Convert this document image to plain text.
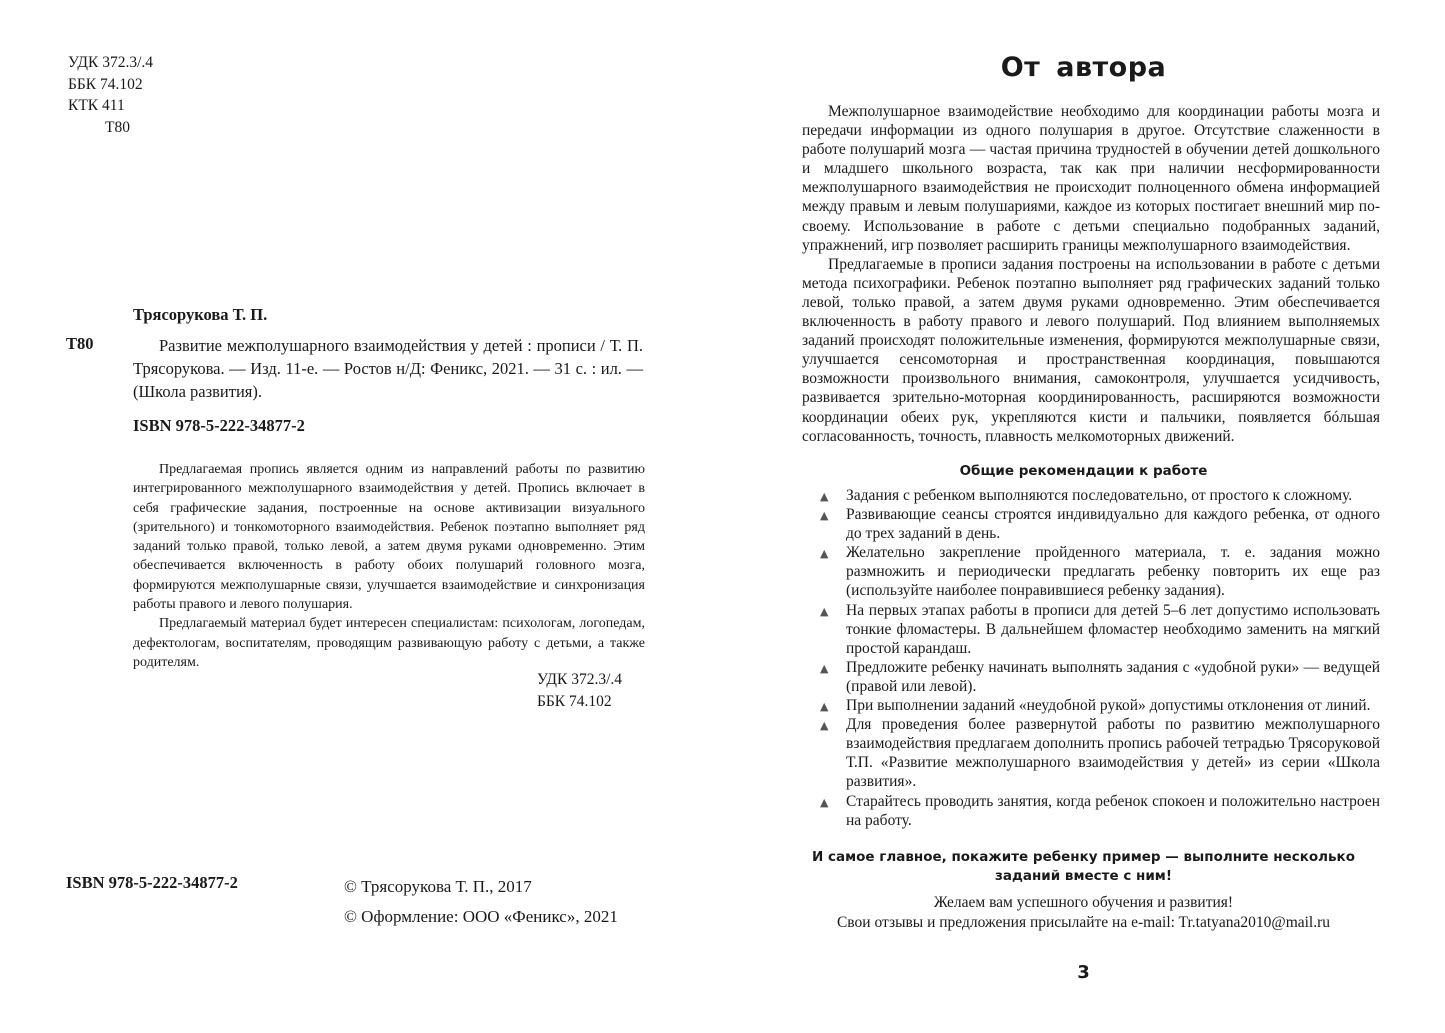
УДК 372.3/.4
ББК 74.102
КТК 411
Т80
Трясорукова Т. П.
Т80	Развитие межполушарного взаимодействия у детей : прописи / Т. П. Трясорукова. — Изд. 11-е. — Ростов н/Д: Феникс, 2021. — 31 с. : ил. — (Школа развития).

ISBN 978-5-222-34877-2

Предлагаемая пропись является одним из направлений работы по развитию интегрированного межполушарного взаимодействия у детей. Пропись включает в себя графические задания, построенные на основе активизации визуального (зрительного) и тонкомоторного взаимодействия. Ребенок поэтапно выполняет ряд заданий только правой, только левой, а затем двумя руками одновременно. Этим обеспечивается включенность в работу обоих полушарий головного мозга, формируются межполушарные связи, улучшается взаимодействие и синхронизация работы правого и левого полушария.

Предлагаемый материал будет интересен специалистам: психологам, логопедам, дефектологам, воспитателям, проводящим развивающую работу с детьми, а также родителям.

УДК 372.3/.4
ББК 74.102
ISBN 978-5-222-34877-2	© Трясорукова Т. П., 2017
© Оформление: ООО «Феникс», 2021
От автора

Межполушарное взаимодействие необходимо для координации работы мозга и передачи информации из одного полушария в другое. Отсутствие слаженности в работе полушарий мозга — частая причина трудностей в обучении детей дошкольного и младшего школьного возраста, так как при наличии несформированности межполушарного взаимодействия не происходит полноценного обмена информацией между правым и левым полушариями, каждое из которых постигает внешний мир по-своему. Использование в работе с детьми специально подобранных заданий, упражнений, игр позволяет расширить границы межполушарного взаимодействия.

Предлагаемые в прописи задания построены на использовании в работе с детьми метода психографики. Ребенок поэтапно выполняет ряд графических заданий только левой, только правой, а затем двумя руками одновременно. Этим обеспечивается включенность в работу правого и левого полушарий. Под влиянием выполняемых заданий происходят положительные изменения, формируются межполушарные связи, улучшается сенсомоторная и пространственная координация, повышаются возможности произвольного внимания, самоконтроля, улучшается усидчивость, развивается зрительно-моторная координированность, расширяются возможности координации обеих рук, укрепляются кисти и пальчики, появляется бóльшая согласованность, точность, плавность мелкомоторных движений.

Общие рекомендации к работе
▲ Задания с ребенком выполняются последовательно, от простого к сложному.
▲ Развивающие сеансы строятся индивидуально для каждого ребенка, от одного до трех заданий в день.
▲ Желательно закрепление пройденного материала, т. е. задания можно размножить и периодически предлагать ребенку повторить их еще раз (используйте наиболее понравившиеся ребенку задания).
▲ На первых этапах работы в прописи для детей 5–6 лет допустимо использовать тонкие фломастеры. В дальнейшем фломастер необходимо заменить на мягкий простой карандаш.
▲ Предложите ребенку начинать выполнять задания с «удобной руки» — ведущей (правой или левой).
▲ При выполнении заданий «неудобной рукой» допустимы отклонения от линий.
▲ Для проведения более развернутой работы по развитию межполушарного взаимодействия предлагаем дополнить пропись рабочей тетрадью Трясоруковой Т.П. «Развитие межполушарного взаимодействия у детей» из серии «Школа развития».
▲ Старайтесь проводить занятия, когда ребенок спокоен и положительно настроен на работу.
И самое главное, покажите ребенку пример — выполните несколько
заданий вместе с ним!
Желаем вам успешного обучения и развития!
Свои отзывы и предложения присылайте на e-mail: Tr.tatyana2010@mail.ru
3
